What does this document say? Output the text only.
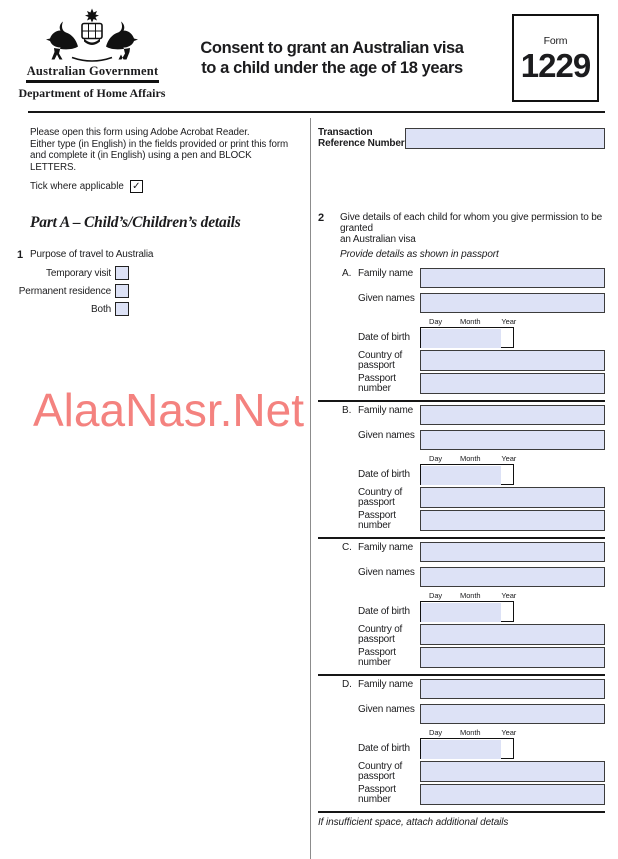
Australian Government
Department of Home Affairs
Consent to grant an Australian visa
to a child under the age of 18 years
Form
1229
Please open this form using Adobe Acrobat Reader.
Either type (in English) in the fields provided or print this form
and complete it (in English) using a pen and BLOCK LETTERS.
Tick where applicable ✓
Part A – Child’s/Children’s details
1 Purpose of travel to Australia
Temporary visit
Permanent residence
Both
Transaction
Reference Number
2	Give details of each child for whom you give permission to be granted
an Australian visa
Provide details as shown in passport
A. Family name
Given names
Day Month	Year
Date of birth
Country of
passport
Passport
number
B. Family name
Given names
Day Month	Year
Date of birth
Country of
passport
Passport
number
C. Family name
Given names
Day Month	Year
Date of birth
Country of
passport
Passport
number
D. Family name
Given names
Day Month	Year
Date of birth
Country of
passport
Passport
number
If insufficient space, attach additional details
AlaaNasr.Net
